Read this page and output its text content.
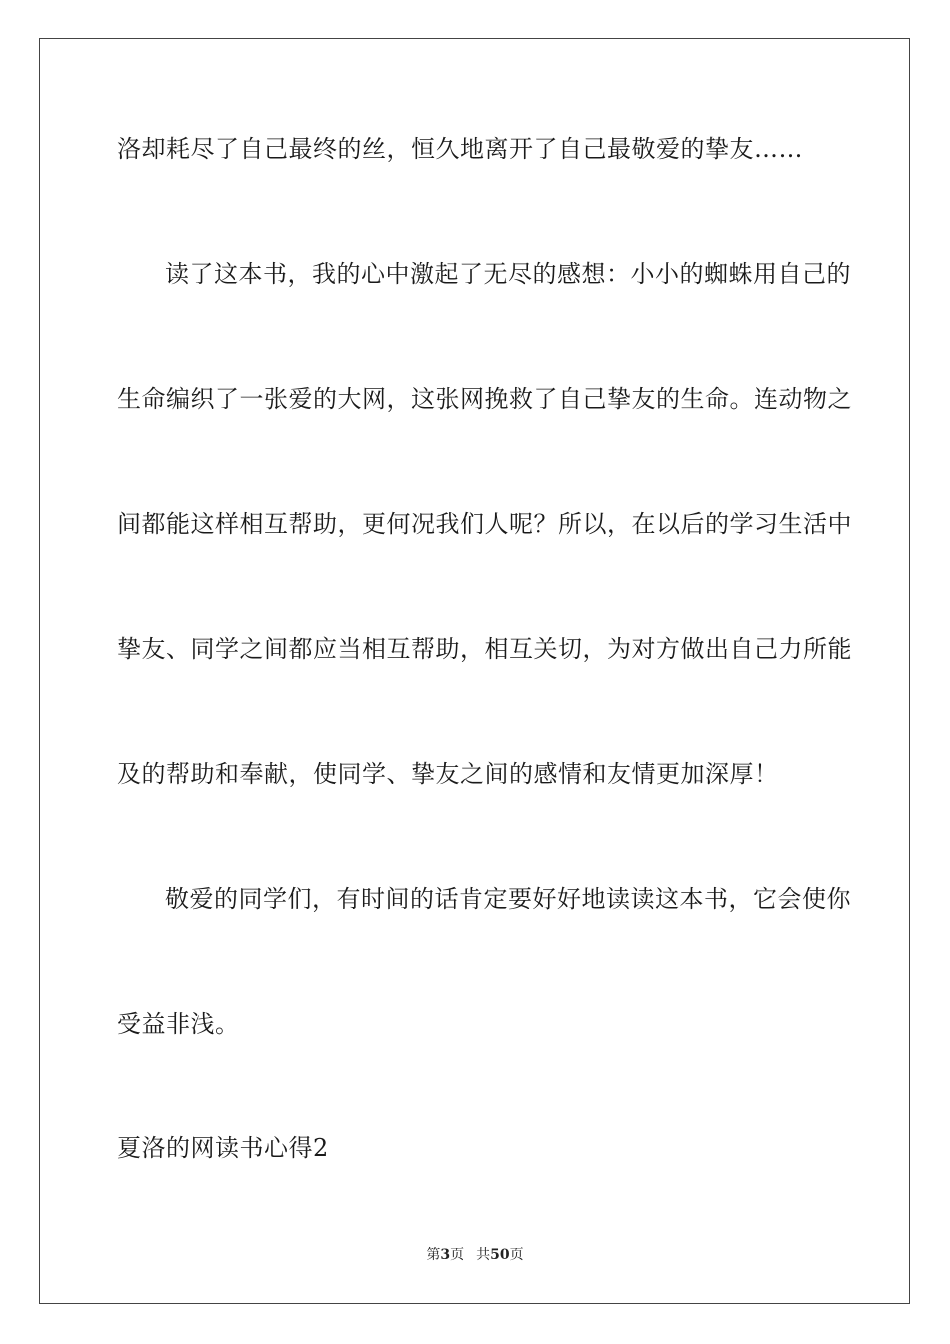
洛却耗尽了自己最终的丝，恒久地离开了自己最敬爱的挚友……
读了这本书，我的心中激起了无尽的感想：小小的蜘蛛用自己的
生命编织了一张爱的大网，这张网挽救了自己挚友的生命。连动物之
间都能这样相互帮助，更何况我们人呢？所以，在以后的学习生活中
挚友、同学之间都应当相互帮助，相互关切，为对方做出自己力所能
及的帮助和奉献，使同学、挚友之间的感情和友情更加深厚！
敬爱的同学们，有时间的话肯定要好好地读读这本书，它会使你
受益非浅。
夏洛的网读书心得2
第3页 共50页
